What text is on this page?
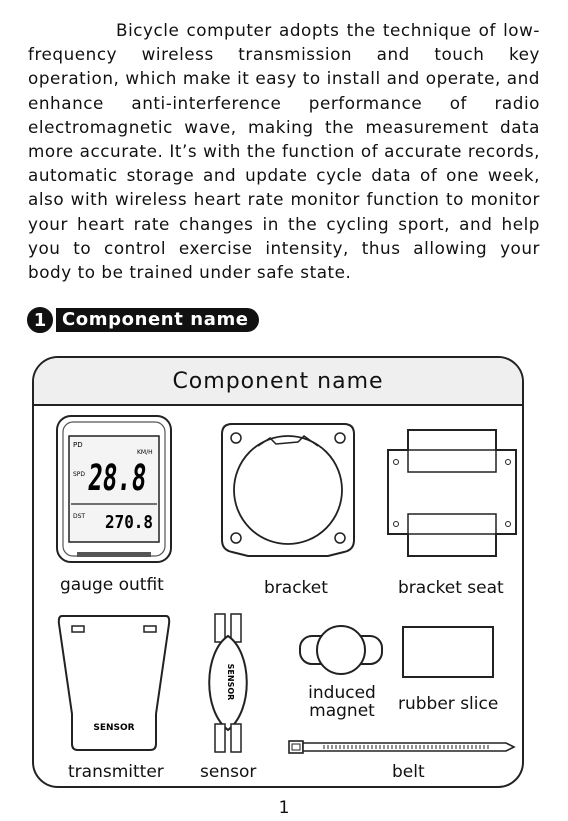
Bicycle computer adopts the technique of low-frequency wireless transmission and touch key operation, which make it easy to install and operate, and enhance anti-interference performance of radio electromagnetic wave, making the measurement data more accurate. It’s with the function of accurate records, automatic storage and update cycle data of one week, also with wireless heart rate monitor function to monitor your heart rate changes in the cycling sport, and help you to control exercise intensity, thus allowing your body to be trained under safe state.

1 Component name
Component name
PD
SPD 28.8
KM/H
DST 270.8
gauge outfit	bracket	bracket seat
SENSOR
transmitter
SENSOR
sensor
induced
magnet	rubber slice
belt
1
